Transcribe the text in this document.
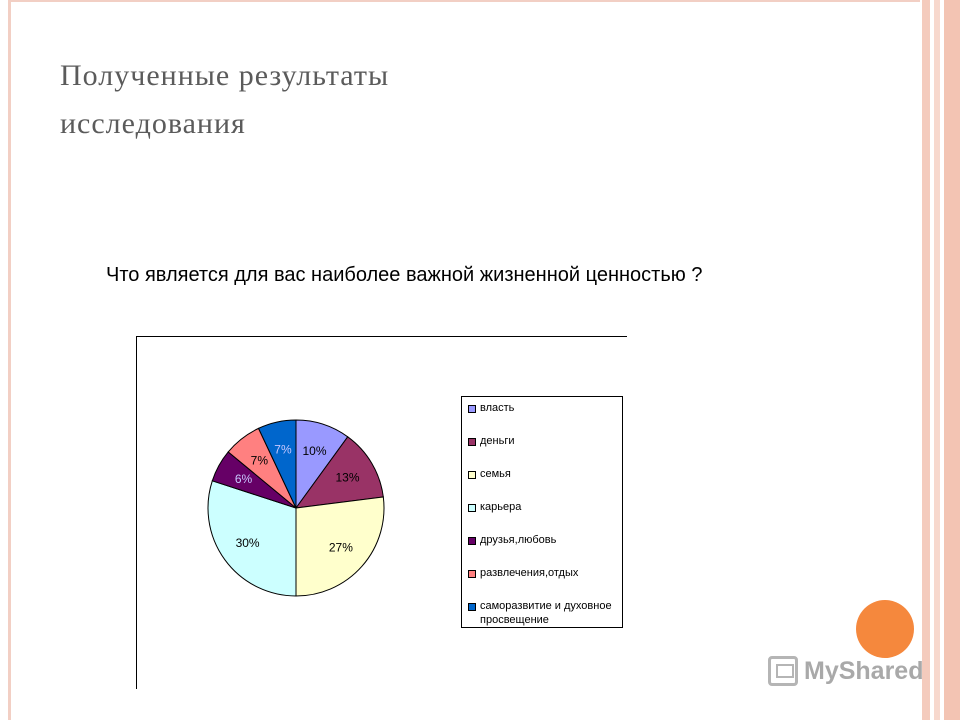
Полученные результаты
исследования
Что является для вас наиболее важной жизненной ценностью ?
10%
13%
27%
30%
6%
7%
7%
власть
деньги
семья
карьера
друзья,любовь
развлечения,отдых
саморазвитие и духовное просвещение
MyShared
